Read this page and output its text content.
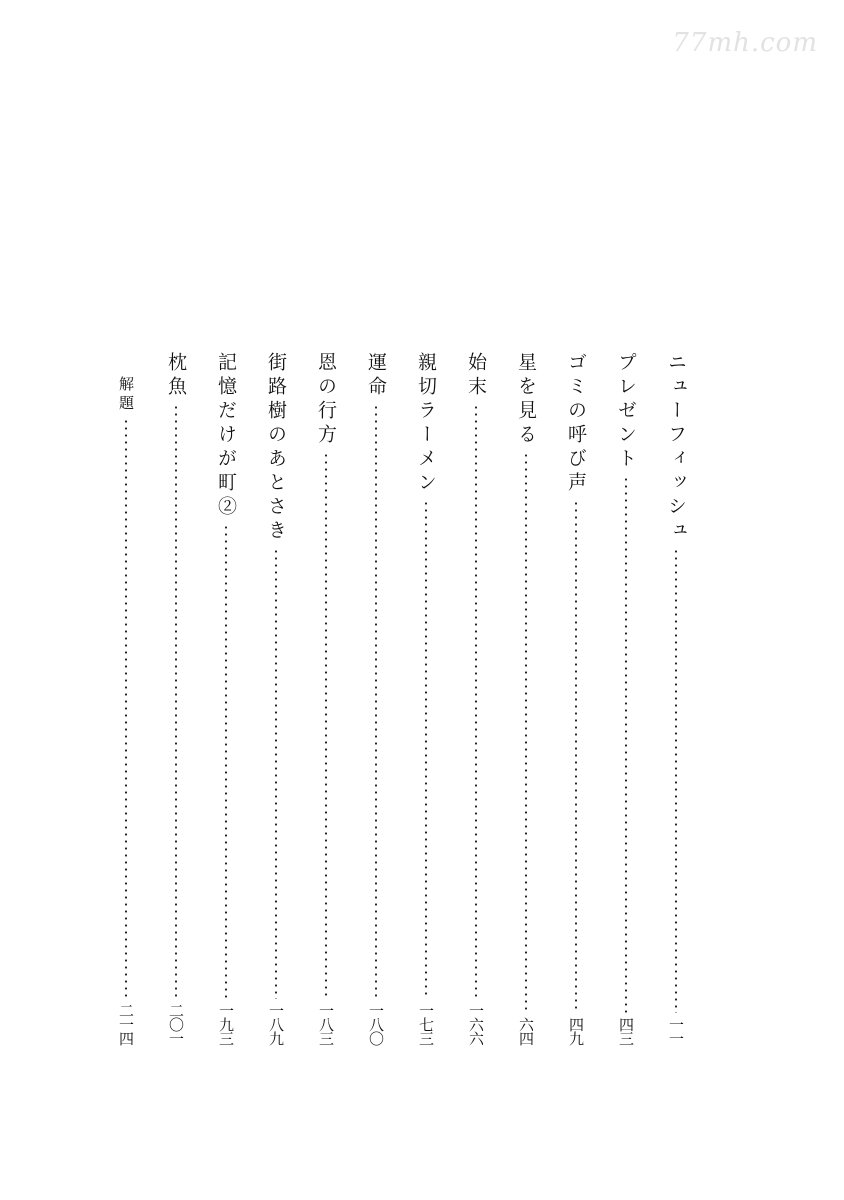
77mh.com
ニューフィッシュ
一一
プレゼント
四三
ゴミの呼び声
四九
星を見る
六四
始末
一六六
親切ラーメン
一七三
運命
一八〇
恩の行方
一八三
街路樹のあとさき
一八九
記憶だけが町②
一九三
枕魚
二〇一
解題
二一四
